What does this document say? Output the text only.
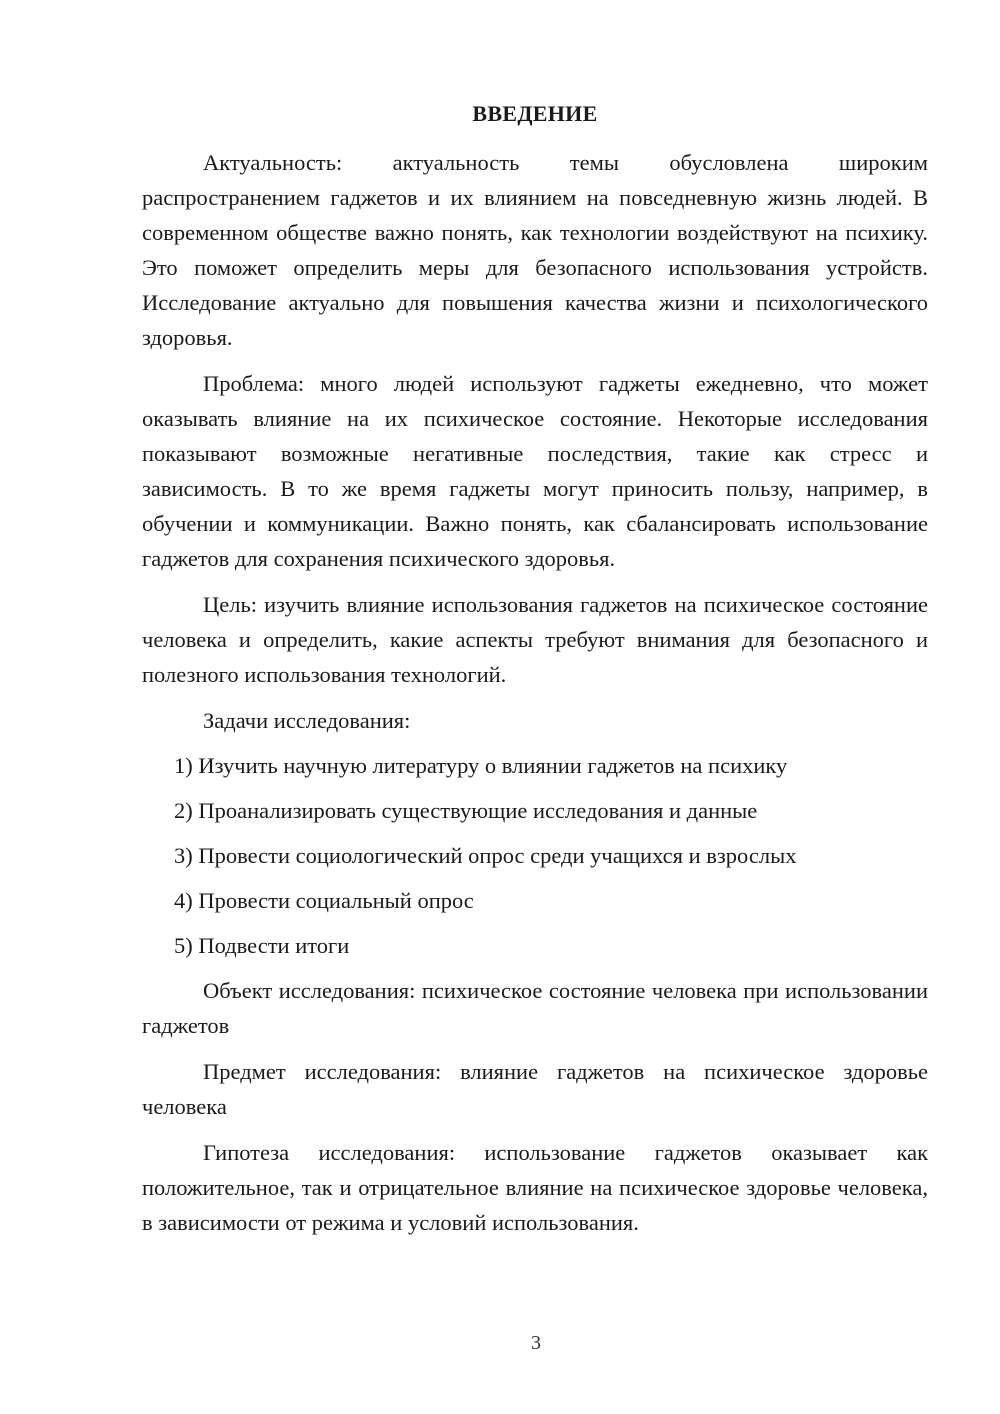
ВВЕДЕНИЕ

Актуальность: актуальность темы обусловлена широким распространением гаджетов и их влиянием на повседневную жизнь людей. В современном обществе важно понять, как технологии воздействуют на психику. Это поможет определить меры для безопасного использования устройств. Исследование актуально для повышения качества жизни и психологического здоровья.

Проблема: много людей используют гаджеты ежедневно, что может оказывать влияние на их психическое состояние. Некоторые исследования показывают возможные негативные последствия, такие как стресс и зависимость. В то же время гаджеты могут приносить пользу, например, в обучении и коммуникации. Важно понять, как сбалансировать использование гаджетов для сохранения психического здоровья.

Цель: изучить влияние использования гаджетов на психическое состояние человека и определить, какие аспекты требуют внимания для безопасного и полезного использования технологий.

Задачи исследования:

1) Изучить научную литературу о влиянии гаджетов на психику
2) Проанализировать существующие исследования и данные
3) Провести социологический опрос среди учащихся и взрослых
4) Провести социальный опрос
5) Подвести итоги

Объект исследования: психическое состояние человека при использовании гаджетов

Предмет исследования: влияние гаджетов на психическое здоровье человека

Гипотеза исследования: использование гаджетов оказывает как положительное, так и отрицательное влияние на психическое здоровье человека, в зависимости от режима и условий использования.

3
